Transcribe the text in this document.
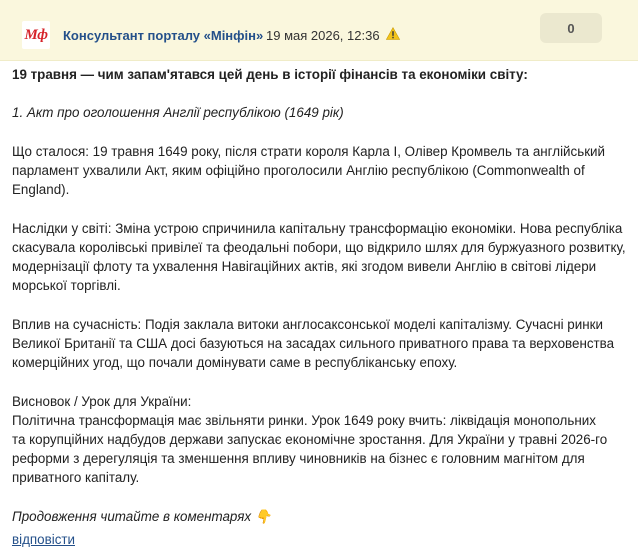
Мф Консультант порталу «Мінфін» 19 мая 2026, 12:36	0

19 травня — чим запам'ятався цей день в історії фінансів та економіки світу:

1. Акт про оголошення Англії республікою (1649 рік)

Що сталося: 19 травня 1649 року, після страти короля Карла I, Олівер Кромвель та англійський парламент ухвалили Акт, яким офіційно проголосили Англію республікою (Commonwealth of England).

Наслідки у світі: Зміна устрою спричинила капітальну трансформацію економіки. Нова республіка скасувала королівські привілеї та феодальні побори, що відкрило шлях для буржуазного розвитку, модернізації флоту та ухвалення Навігаційних актів, які згодом вивели Англію в світові лідери морської торгівлі.

Вплив на сучасність: Подія заклала витоки англосаксонської моделі капіталізму. Сучасні ринки Великої Британії та США досі базуються на засадах сильного приватного права та верховенства комерційних угод, що почали домінувати саме в республіканську епоху.

Висновок / Урок для України:
Політична трансформація має звільняти ринки. Урок 1649 року вчить: ліквідація монопольних
та корупційних надбудов держави запускає економічне зростання. Для України у травні 2026-го реформи з дерегуляція та зменшення впливу чиновників на бізнес є головним магнітом для приватного капіталу.

Продовження читайте в коментарях 👇

відповісти
